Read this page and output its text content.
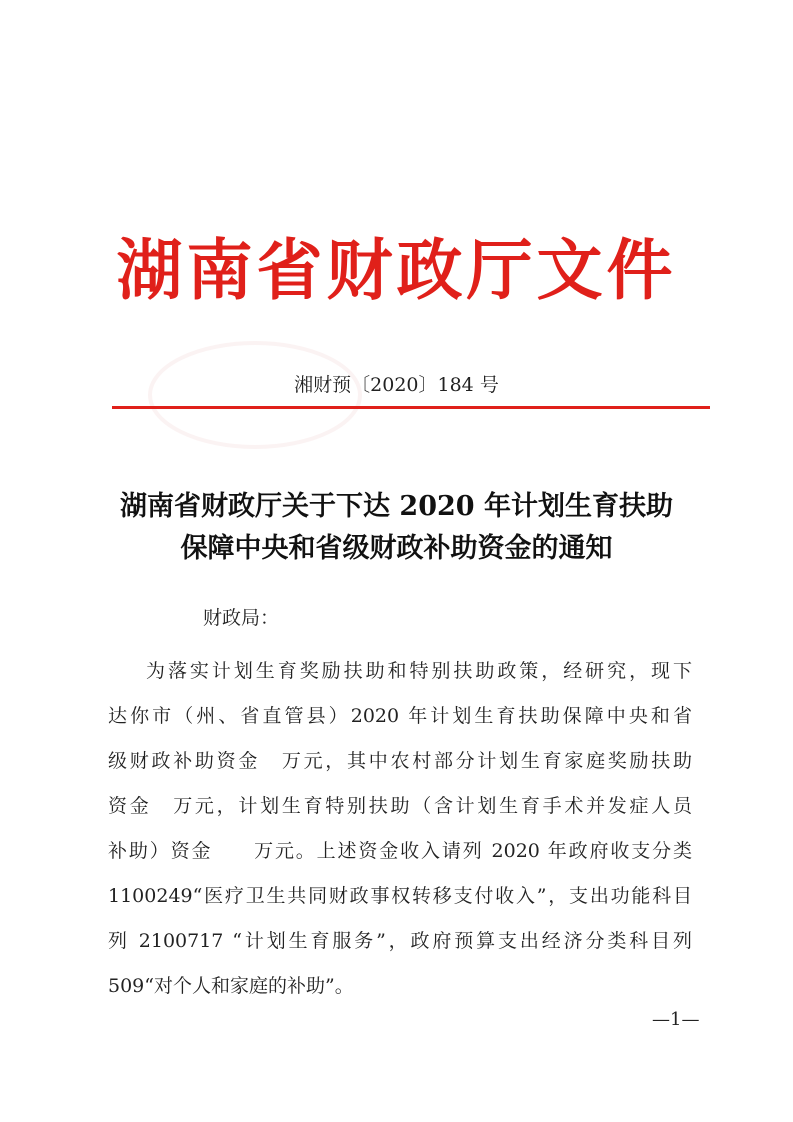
湖南省财政厅文件
湘财预〔2020〕184 号
湖南省财政厅关于下达 2020 年计划生育扶助
保障中央和省级财政补助资金的通知
财政局：
为落实计划生育奖励扶助和特别扶助政策，经研究，现下
达你市（州、省直管县）2020 年计划生育扶助保障中央和省
级财政补助资金　万元，其中农村部分计划生育家庭奖励扶助
资金　万元，计划生育特别扶助（含计划生育手术并发症人员
补助）资金　　万元。上述资金收入请列 2020 年政府收支分类
1100249“医疗卫生共同财政事权转移支付收入”，支出功能科目
列 2100717 “计划生育服务”，政府预算支出经济分类科目列
509“对个人和家庭的补助”。
—1—
